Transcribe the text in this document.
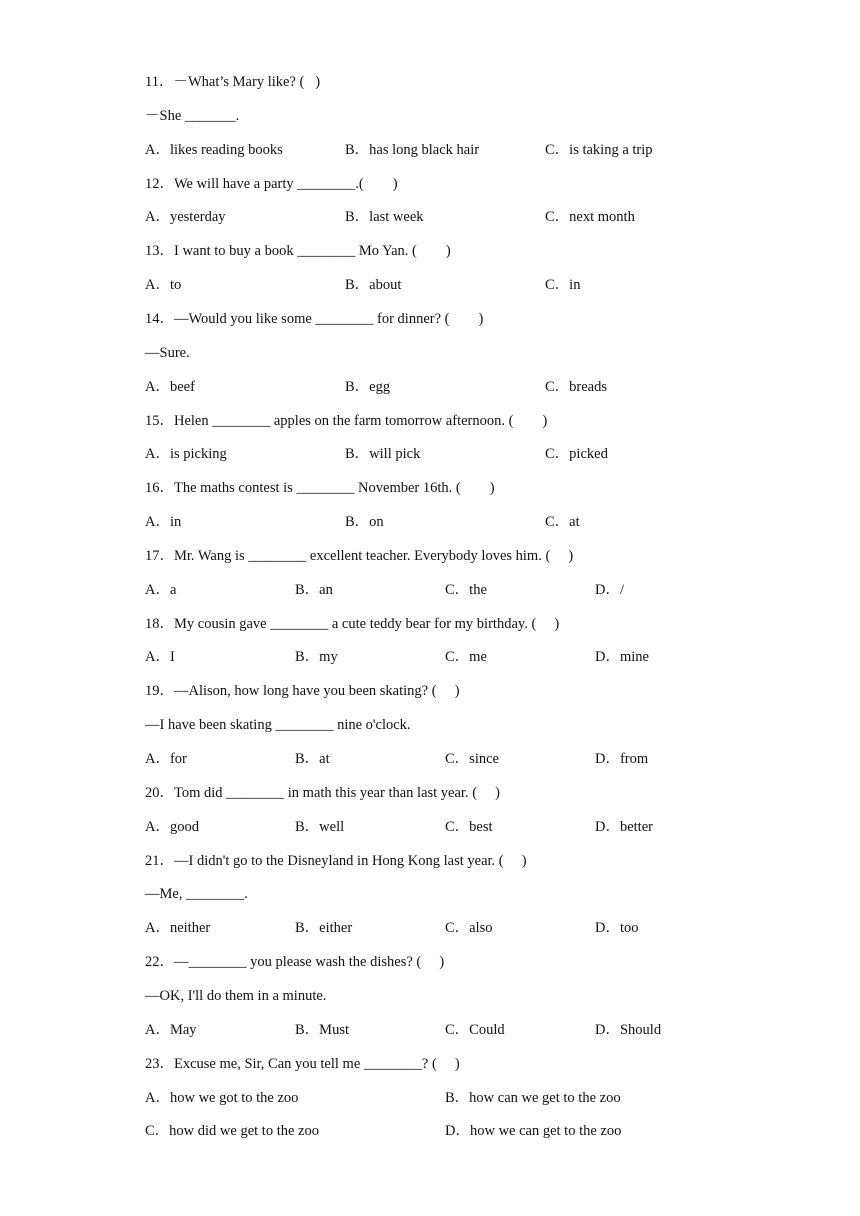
11．－What’s Mary like? (   )
－She _______.
A．likes reading books	B．has long black hair	C．is taking a trip
12．We will have a party ________.(        )
A．yesterday	B．last week	C．next month
13．I want to buy a book ________ Mo Yan. (        )
A．to	B．about	C．in
14．—Would you like some ________ for dinner? (        )
—Sure.
A．beef	B．egg	C．breads
15．Helen ________ apples on the farm tomorrow afternoon. (        )
A．is picking	B．will pick	C．picked
16．The maths contest is ________ November 16th. (        )
A．in	B．on	C．at
17．Mr. Wang is ________ excellent teacher. Everybody loves him. (     )
A．a	B．an	C．the	D．/
18．My cousin gave ________ a cute teddy bear for my birthday. (     )
A．I	B．my	C．me	D．mine
19．—Alison, how long have you been skating? (     )
—I have been skating ________ nine o'clock.
A．for	B．at	C．since	D．from
20．Tom did ________ in math this year than last year. (     )
A．good	B．well	C．best	D．better
21．—I didn't go to the Disneyland in Hong Kong last year. (     )
—Me, ________.
A．neither	B．either	C．also	D．too
22．—________ you please wash the dishes? (     )
—OK, I'll do them in a minute.
A．May	B．Must	C．Could	D．Should
23．Excuse me, Sir, Can you tell me ________? (     )
A．how we got to the zoo	B．how can we get to the zoo
C．how did we get to the zoo	D．how we can get to the zoo
